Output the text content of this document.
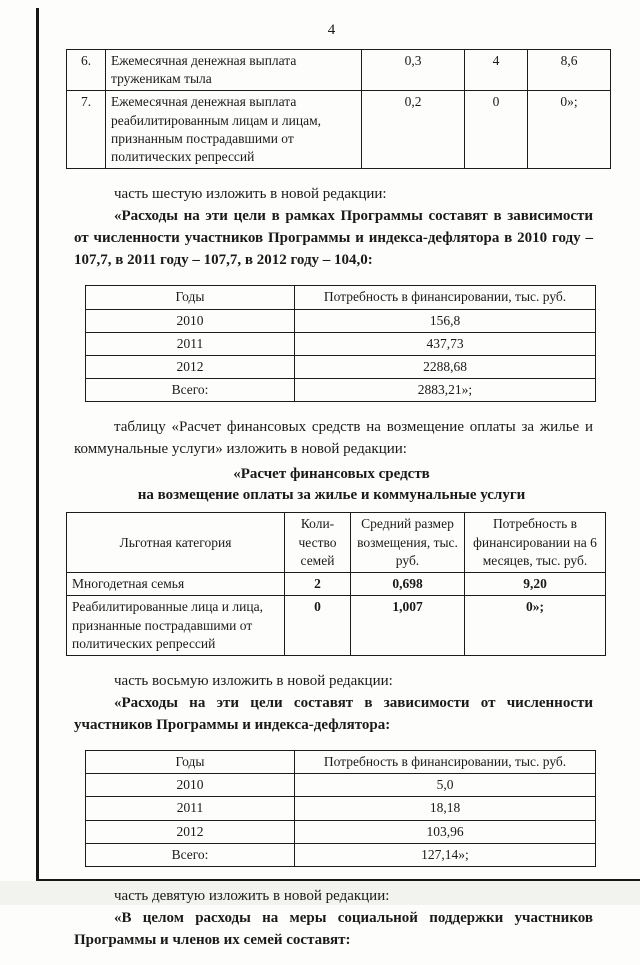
4
6.	Ежемесячная денежная выплата труженикам тыла	0,3	4	8,6
7.	Ежемесячная денежная выплата реабилитированным лицам и лицам, признанным пострадавшими от политических репрессий	0,2	0	0»;

часть шестую изложить в новой редакции:

«Расходы на эти цели в рамках Программы составят в зависимости от численности участников Программы и индекса-дефлятора в 2010 году – 107,7, в 2011 году – 107,7, в 2012 году – 104,0:

Годы	Потребность в финансировании, тыс. руб.
2010	156,8
2011	437,73
2012	2288,68
Всего:	2883,21»;

таблицу «Расчет финансовых средств на возмещение оплаты за жилье и коммунальные услуги» изложить в новой редакции:

«Расчет финансовых средств
на возмещение оплаты за жилье и коммунальные услуги
Льготная категория	Коли-чество семей	Средний размер возмещения, тыс. руб.	Потребность в финансировании на 6 месяцев, тыс. руб.
Многодетная семья	2	0,698	9,20
Реабилитированные лица и лица, признанные пострадавшими от политических репрессий	0	1,007	0»;

часть восьмую изложить в новой редакции:

«Расходы на эти цели составят в зависимости от численности участников Программы и индекса-дефлятора:

Годы	Потребность в финансировании, тыс. руб.
2010	5,0
2011	18,18
2012	103,96
Всего:	127,14»;

часть девятую изложить в новой редакции:

«В целом расходы на меры социальной поддержки участников Программы и членов их семей составят:
